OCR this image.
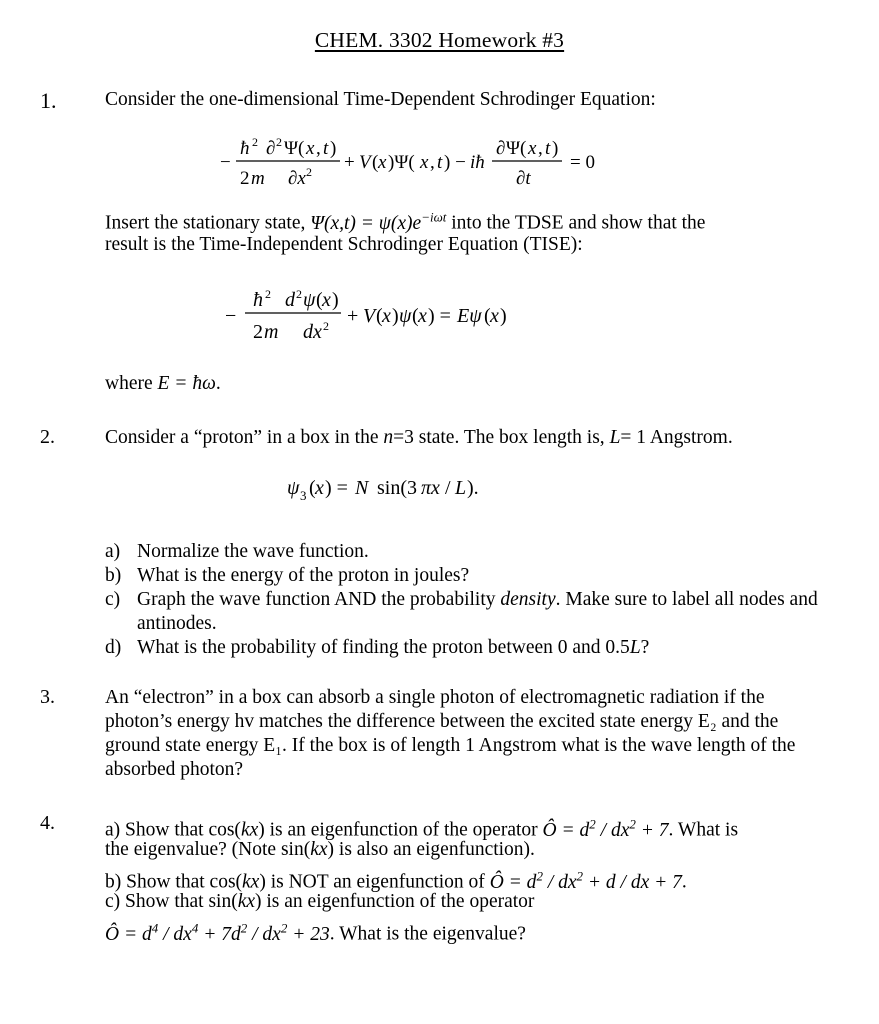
CHEM. 3302 Homework #3
1. Consider the one-dimensional Time-Dependent Schrodinger Equation:
−
ħ 2 ∂ 2 Ψ( x , t )
2 m ∂x 2 + V ( x )Ψ( x , t ) − iħ
∂ Ψ( x , t )
∂t
= 0
Insert the stationary state, $\Psi(x,t) = \psi(x)e^{-i\omega t}$ into the TDSE and show that the
result is the Time-Independent Schrodinger Equation (TISE):
−
ħ 2 d 2 ψ ( x )
2 m dx 2 + V ( x ) ψ ( x ) = Eψ ( x )
where E = ħω.
2.	Consider a “proton” in a box in the n=3 state. The box length is, L= 1 Angstrom.
ψ 3 ( x ) = N sin(3 πx / L ).
a) Normalize the wave function.
b) What is the energy of the proton in joules?
c) Graph the wave function AND the probability density. Make sure to label all nodes and antinodes.
d) What is the probability of finding the proton between 0 and 0.5L?
3.	An “electron” in a box can absorb a single photon of electromagnetic radiation if the photon’s energy hv matches the difference between the excited state energy E₂ and the ground state energy E₁. If the box is of length 1 Angstrom what is the wave length of the absorbed photon?
4.	a) Show that cos(kx) is an eigenfunction of the operator Ô = $d^2 / dx^2 + 7$. What is
the eigenvalue? (Note sin(kx) is also an eigenfunction).
b) Show that cos(kx) is NOT an eigenfunction of Ô = $d^2 / dx^2 + d$ / dx + 7.
c) Show that sin(kx) is an eigenfunction of the operator
Ô = $d^4 / dx^4 + 7d^2 / dx^2 + 23$. What is the eigenvalue?
